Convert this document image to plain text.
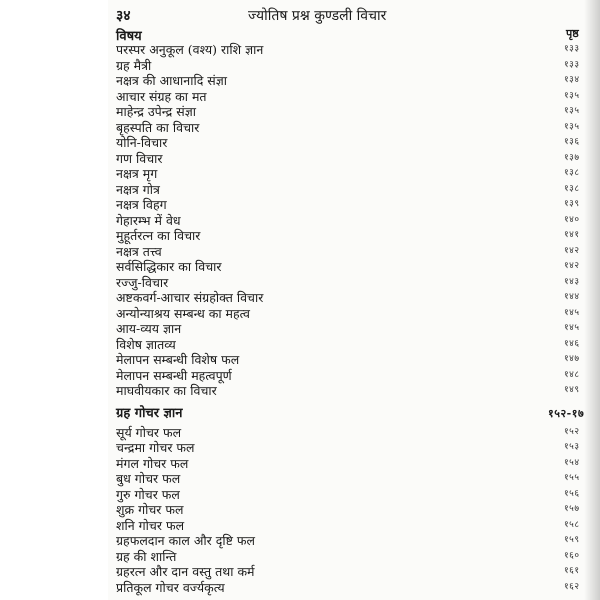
३४	ज्योतिष प्रश्न कुण्डली विचार
विषय	पृष्ठ
परस्पर अनुकूल (वश्य) राशि ज्ञान	१३३
ग्रह मैत्री	१३३
नक्षत्र की आधानादि संज्ञा	१३४
आचार संग्रह का मत	१३५
माहेन्द्र उपेन्द्र संज्ञा	१३५
बृहस्पति का विचार	१३५
योनि-विचार	१३६
गण विचार	१३७
नक्षत्र मृग	१३८
नक्षत्र गोत्र	१३८
नक्षत्र विहग	१३९
गेहारम्भ में वेध	१४०
मुहूर्तरत्न का विचार	१४१
नक्षत्र तत्त्व	१४२
सर्वसिद्धिकार का विचार	१४२
रज्जु-विचार	१४३
अष्टकवर्ग-आचार संग्रहोक्त विचार	१४४
अन्योन्याश्रय सम्बन्ध का महत्व	१४५
आय-व्यय ज्ञान	१४५
विशेष ज्ञातव्य	१४६
मेलापन सम्बन्धी विशेष फल	१४७
मेलापन सम्बन्धी महत्वपूर्ण	१४८
माघवीयकार का विचार	१४९
ग्रह गोचर ज्ञान	१५२-१७
सूर्य गोचर फल	१५२
चन्द्रमा गोचर फल	१५३
मंगल गोचर फल	१५४
बुध गोचर फल	१५५
गुरु गोचर फल	१५६
शुक्र गोचर फल	१५७
शनि गोचर फल	१५८
ग्रहफलदान काल और दृष्टि फल	१५९
ग्रह की शान्ति	१६०
ग्रहरत्न और दान वस्तु तथा कर्म	१६१
प्रतिकूल गोचर वर्ज्यकृत्य	१६२
